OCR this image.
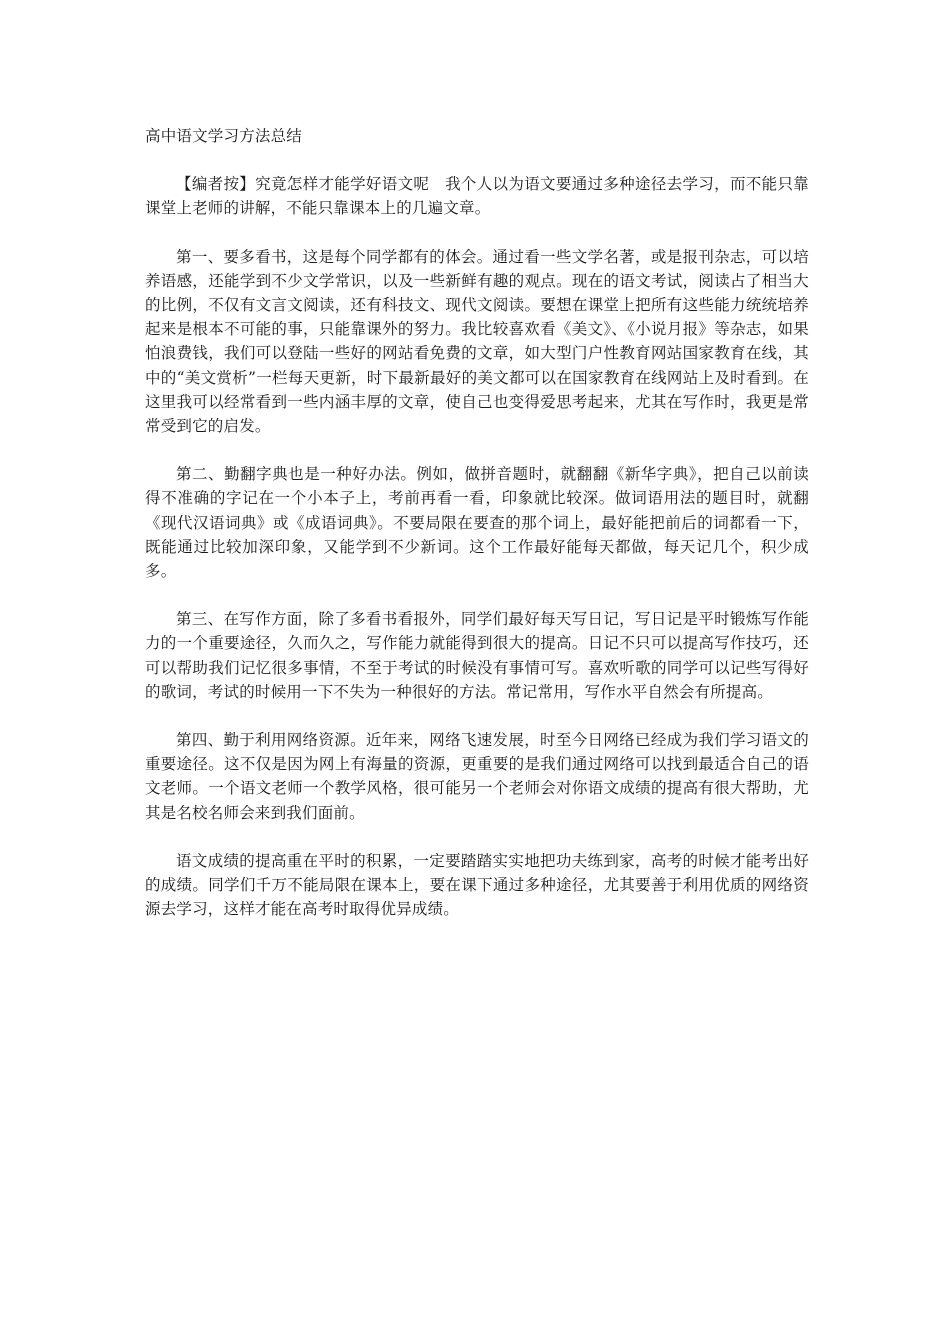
高中语文学习方法总结

【编者按】究竟怎样才能学好语文呢　我个人以为语文要通过多种途径去学习，而不能只靠课堂上老师的讲解，不能只靠课本上的几遍文章。

第一、要多看书，这是每个同学都有的体会。通过看一些文学名著，或是报刊杂志，可以培养语感，还能学到不少文学常识，以及一些新鲜有趣的观点。现在的语文考试，阅读占了相当大的比例，不仅有文言文阅读，还有科技文、现代文阅读。要想在课堂上把所有这些能力统统培养起来是根本不可能的事，只能靠课外的努力。我比较喜欢看《美文》、《小说月报》等杂志，如果怕浪费钱，我们可以登陆一些好的网站看免费的文章，如大型门户性教育网站国家教育在线，其中的“美文赏析”一栏每天更新，时下最新最好的美文都可以在国家教育在线网站上及时看到。在这里我可以经常看到一些内涵丰厚的文章，使自己也变得爱思考起来，尤其在写作时，我更是常常受到它的启发。

第二、勤翻字典也是一种好办法。例如，做拼音题时，就翻翻《新华字典》，把自己以前读得不准确的字记在一个小本子上，考前再看一看，印象就比较深。做词语用法的题目时，就翻《现代汉语词典》或《成语词典》。不要局限在要查的那个词上，最好能把前后的词都看一下，既能通过比较加深印象，又能学到不少新词。这个工作最好能每天都做，每天记几个，积少成多。

第三、在写作方面，除了多看书看报外，同学们最好每天写日记，写日记是平时锻炼写作能力的一个重要途径，久而久之，写作能力就能得到很大的提高。日记不只可以提高写作技巧，还可以帮助我们记忆很多事情，不至于考试的时候没有事情可写。喜欢听歌的同学可以记些写得好的歌词，考试的时候用一下不失为一种很好的方法。常记常用，写作水平自然会有所提高。

第四、勤于利用网络资源。近年来，网络飞速发展，时至今日网络已经成为我们学习语文的重要途径。这不仅是因为网上有海量的资源，更重要的是我们通过网络可以找到最适合自己的语文老师。一个语文老师一个教学风格，很可能另一个老师会对你语文成绩的提高有很大帮助，尤其是名校名师会来到我们面前。

语文成绩的提高重在平时的积累，一定要踏踏实实地把功夫练到家，高考的时候才能考出好的成绩。同学们千万不能局限在课本上，要在课下通过多种途径，尤其要善于利用优质的网络资源去学习，这样才能在高考时取得优异成绩。
